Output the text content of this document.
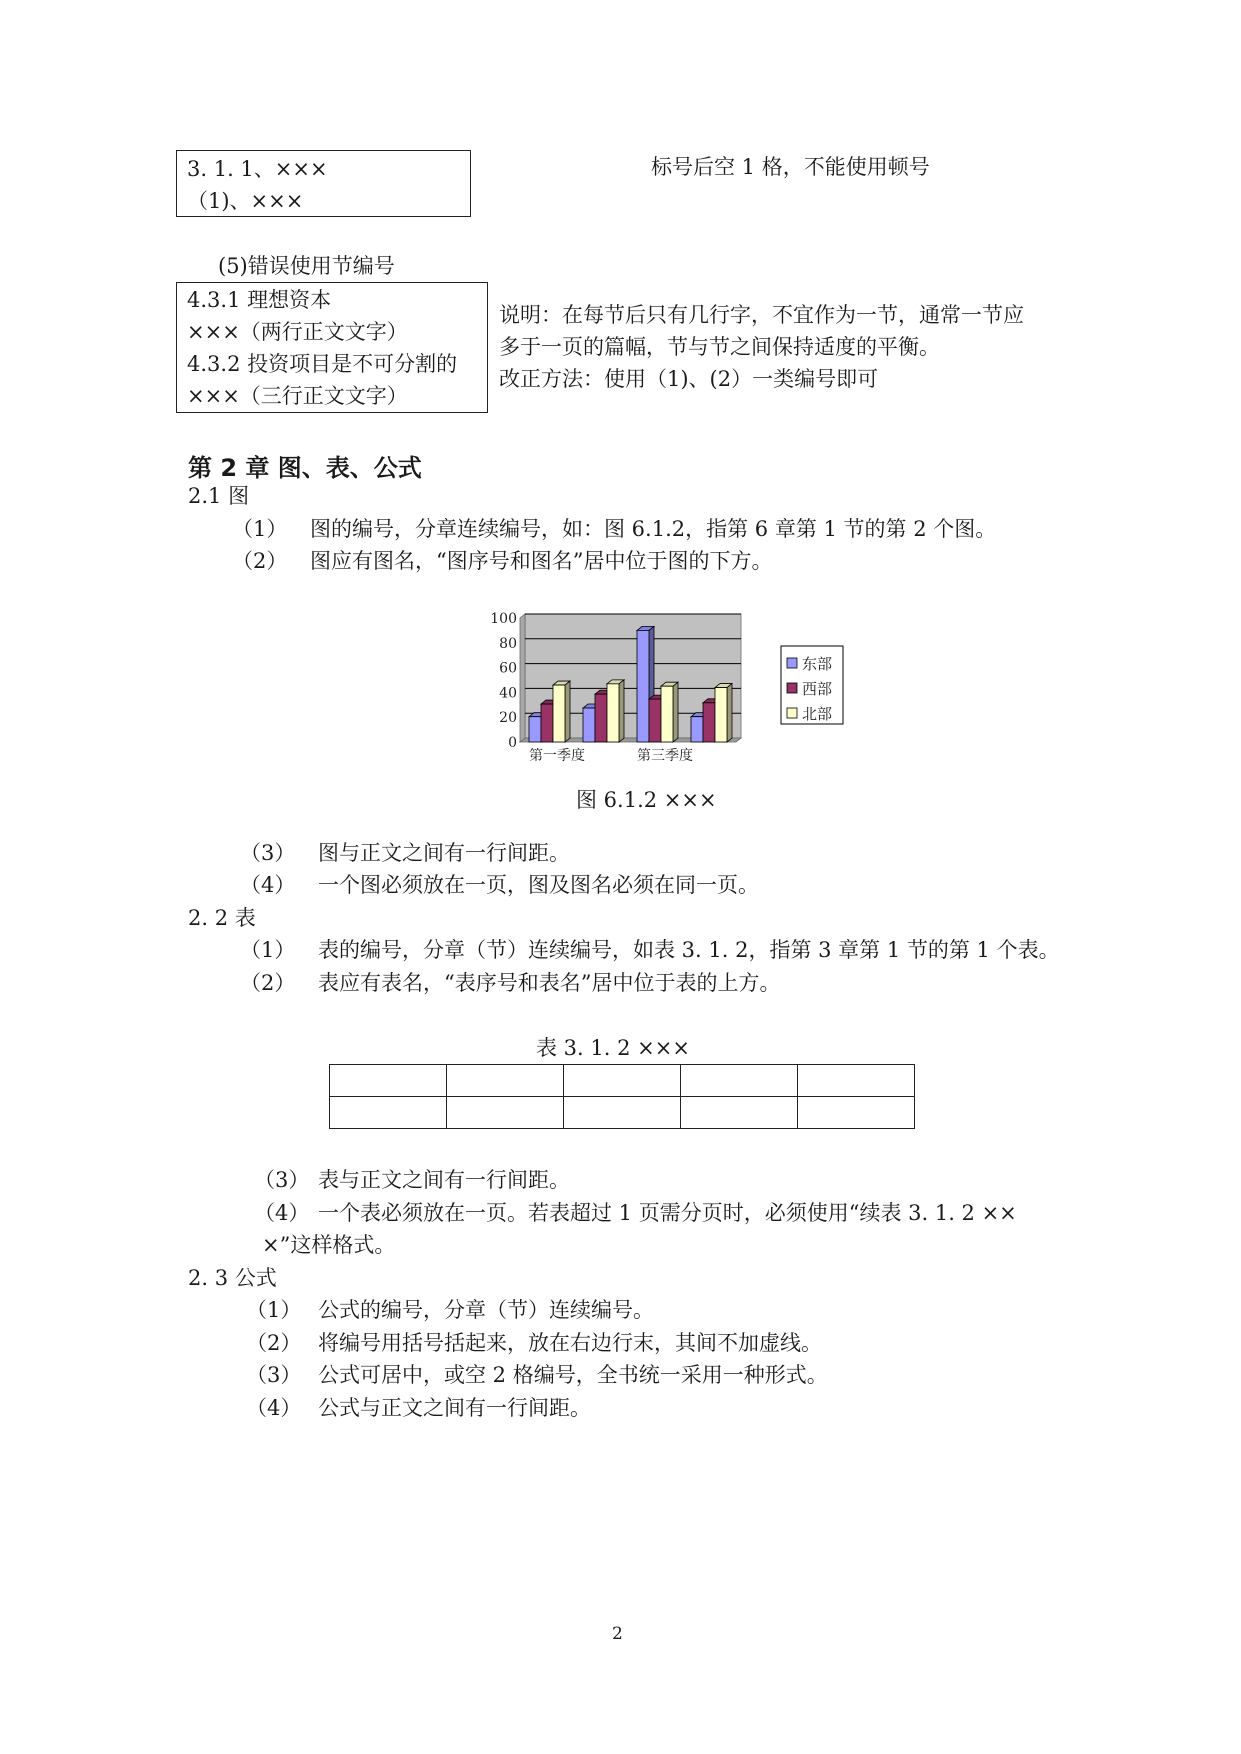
3. 1. 1、×××
（1)、×××
标号后空 1 格，不能使用顿号
(5)错误使用节编号
4.3.1 理想资本
×××（两行正文文字）
4.3.2 投资项目是不可分割的
×××（三行正文文字）
说明：在每节后只有几行字，不宜作为一节，通常一节应
多于一页的篇幅，节与节之间保持适度的平衡。
改正方法：使用（1)、(2）一类编号即可
第 2 章 图、表、公式
2.1 图
（1） 图的编号，分章连续编号，如：图 6.1.2，指第 6 章第 1 节的第 2 个图。
（2） 图应有图名，“图序号和图名”居中位于图的下方。
0
20
40
60
80
100
第一季度	第三季度
东部
西部
北部
图 6.1.2 ×××
（3） 图与正文之间有一行间距。
（4） 一个图必须放在一页，图及图名必须在同一页。
2. 2 表
（1） 表的编号，分章（节）连续编号，如表 3. 1. 2，指第 3 章第 1 节的第 1 个表。
（2） 表应有表名，“表序号和表名”居中位于表的上方。
表 3. 1. 2 ×××

（3） 表与正文之间有一行间距。
（4） 一个表必须放在一页。若表超过 1 页需分页时，必须使用“续表 3. 1. 2 ××
×”这样格式。
2. 3 公式
（1） 公式的编号，分章（节）连续编号。
（2） 将编号用括号括起来，放在右边行末，其间不加虚线。
（3） 公式可居中，或空 2 格编号，全书统一采用一种形式。
（4） 公式与正文之间有一行间距。
2
